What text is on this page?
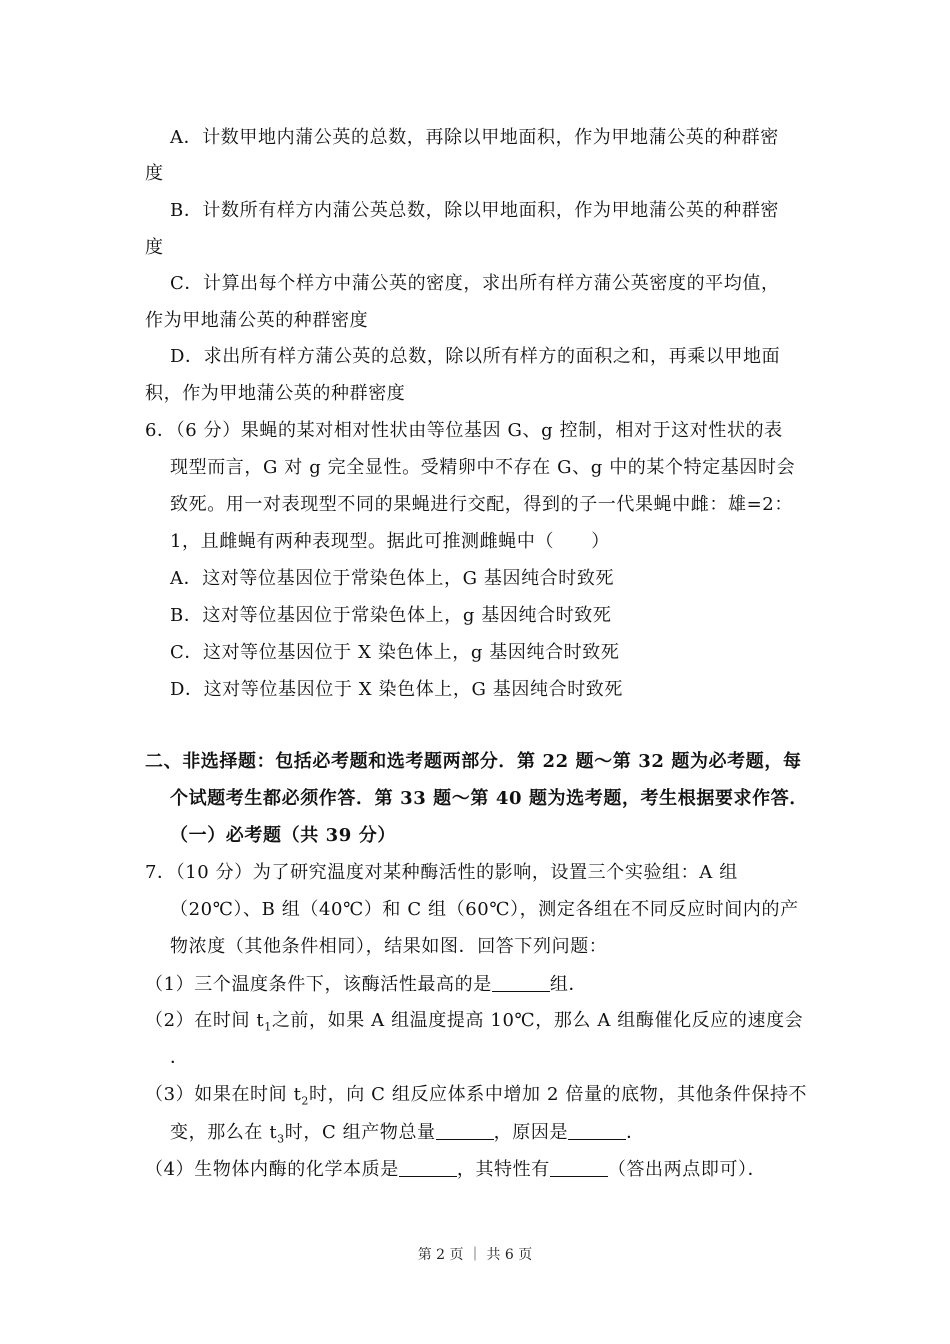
A．计数甲地内蒲公英的总数，再除以甲地面积，作为甲地蒲公英的种群密
度
B．计数所有样方内蒲公英总数，除以甲地面积，作为甲地蒲公英的种群密
度
C．计算出每个样方中蒲公英的密度，求出所有样方蒲公英密度的平均值，
作为甲地蒲公英的种群密度
D．求出所有样方蒲公英的总数，除以所有样方的面积之和，再乘以甲地面
积，作为甲地蒲公英的种群密度
6．（6 分）果蝇的某对相对性状由等位基因 G、g 控制，相对于这对性状的表
现型而言，G 对 g 完全显性。受精卵中不存在 G、g 中的某个特定基因时会
致死。用一对表现型不同的果蝇进行交配，得到的子一代果蝇中雌：雄=2：
1，且雌蝇有两种表现型。据此可推测雌蝇中（　　）
A．这对等位基因位于常染色体上，G 基因纯合时致死
B．这对等位基因位于常染色体上，g 基因纯合时致死
C．这对等位基因位于 X 染色体上，g 基因纯合时致死
D．这对等位基因位于 X 染色体上，G 基因纯合时致死
二、非选择题：包括必考题和选考题两部分．第 22 题～第 32 题为必考题，每
个试题考生都必须作答．第 33 题～第 40 题为选考题，考生根据要求作答．
（一）必考题（共 39 分）
7．（10 分）为了研究温度对某种酶活性的影响，设置三个实验组：A 组
（20℃）、B 组（40℃）和 C 组（60℃），测定各组在不同反应时间内的产
物浓度（其他条件相同），结果如图．回答下列问题：
（1）三个温度条件下，该酶活性最高的是	组．
（2）在时间 $t_1$之前，如果 A 组温度提高 10℃，那么 A 组酶催化反应的速度会
．
（3）如果在时间 $t_2$时，向 C 组反应体系中增加 2 倍量的底物，其他条件保持不
变，那么在 $t_3$时，C 组产物总量	，原因是	．
（4）生物体内酶的化学本质是	，其特性有	（答出两点即可）．
第 2 页 ｜ 共 6 页
